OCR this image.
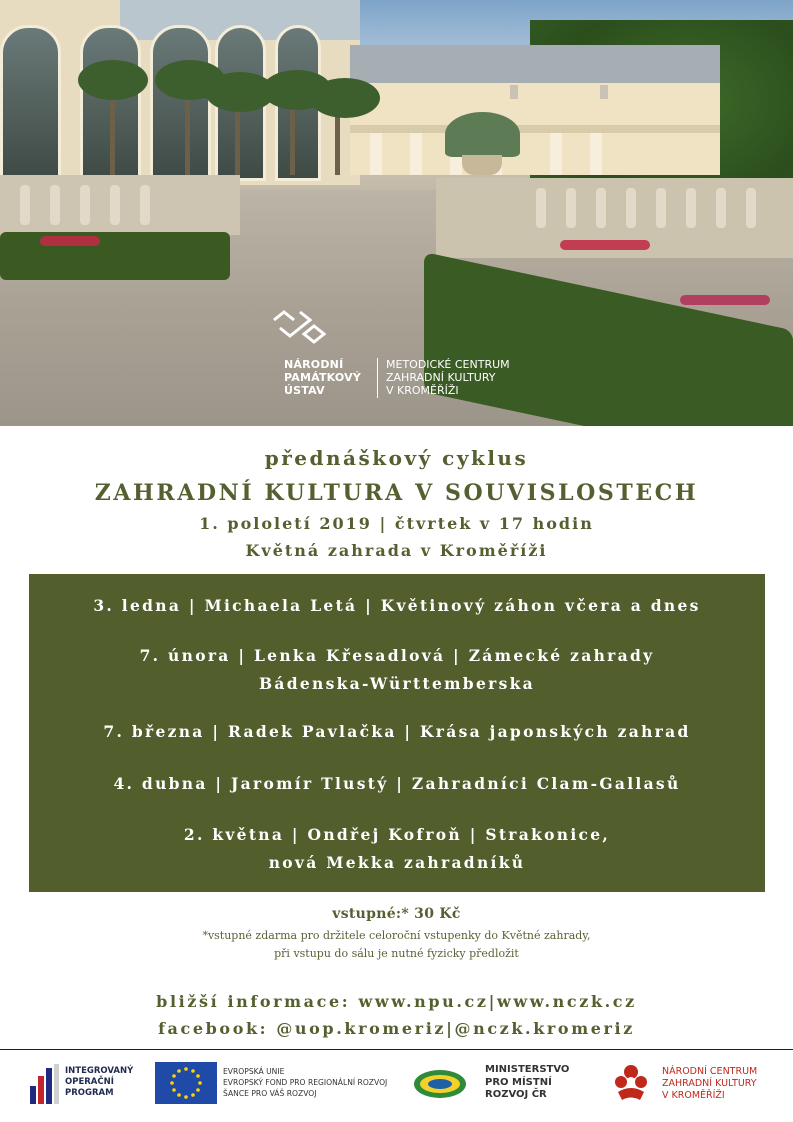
NÁRODNÍ
PAMÁTKOVÝ
ÚSTAV
METODICKÉ CENTRUM
ZAHRADNÍ KULTURY
V KROMĚŘÍŽI
přednáškový cyklus
ZAHRADNÍ KULTURA V SOUVISLOSTECH
1. pololetí 2019 | čtvrtek v 17 hodin
Květná zahrada v Kroměříži
3. ledna | Michaela Letá | Květinový záhon včera a dnes
7. února | Lenka Křesadlová | Zámecké zahrady
Bádenska-Württemberska
7. března | Radek Pavlačka | Krása japonských zahrad
4. dubna | Jaromír Tlustý | Zahradníci Clam-Gallasů
2. května | Ondřej Kofroň | Strakonice,
nová Mekka zahradníků
vstupné:* 30 Kč
*vstupné zdarma pro držitele celoroční vstupenky do Květné zahrady,
při vstupu do sálu je nutné fyzicky předložit
bližší informace: www.npu.cz|www.nczk.cz
facebook: @uop.kromeriz|@nczk.kromeriz
INTEGROVANÝ
OPERAČNÍ
PROGRAM
EVROPSKÁ UNIE
EVROPSKÝ FOND PRO REGIONÁLNÍ ROZVOJ
ŠANCE PRO VÁŠ ROZVOJ
MINISTERSTVO
PRO MÍSTNÍ
ROZVOJ ČR
NÁRODNÍ CENTRUM
ZAHRADNÍ KULTURY
V KROMĚŘÍŽI
